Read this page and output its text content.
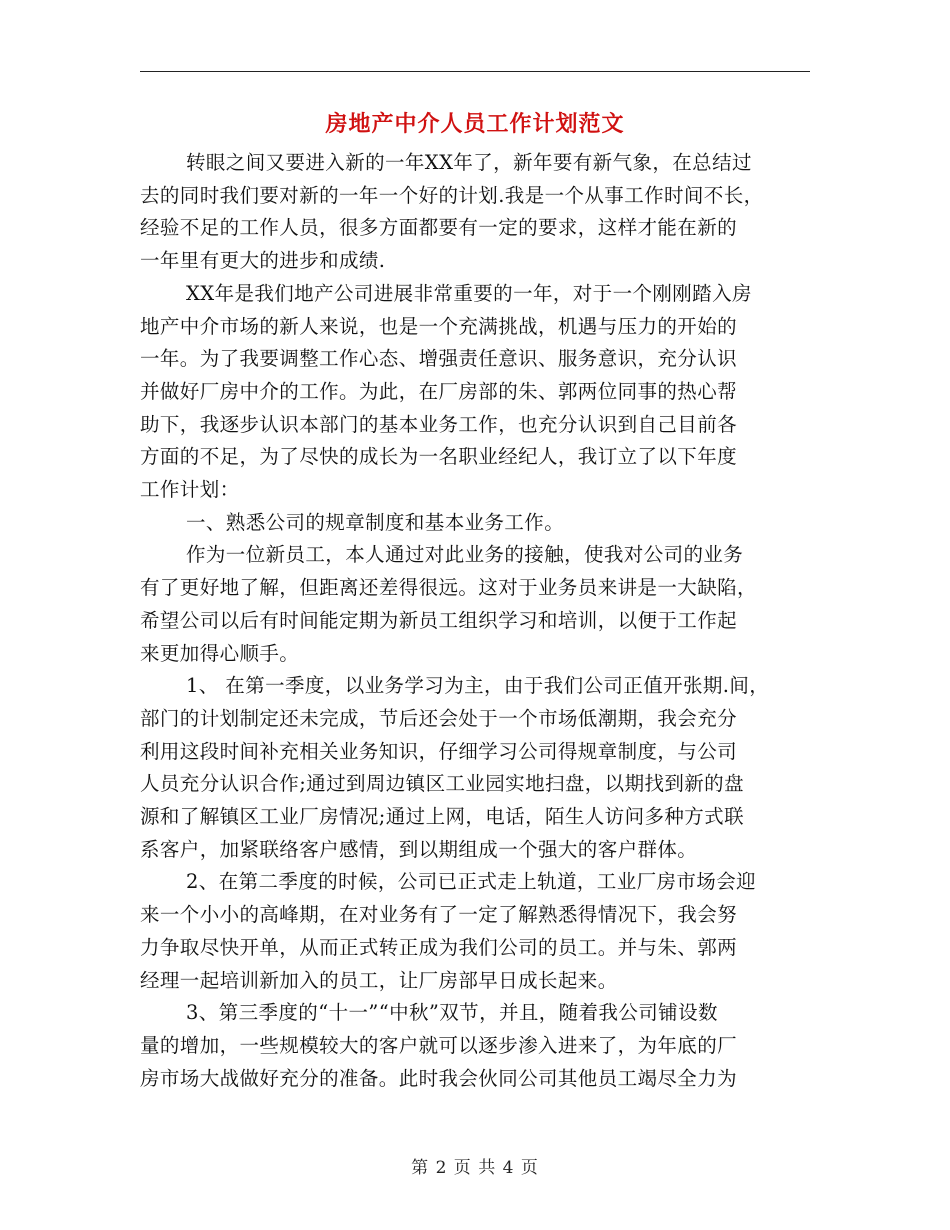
房地产中介人员工作计划范文

转眼之间又要进入新的一年XX年了，新年要有新气象，在总结过
去的同时我们要对新的一年一个好的计划.我是一个从事工作时间不长，
经验不足的工作人员，很多方面都要有一定的要求，这样才能在新的
一年里有更大的进步和成绩.

XX年是我们地产公司进展非常重要的一年，对于一个刚刚踏入房
地产中介市场的新人来说，也是一个充满挑战，机遇与压力的开始的
一年。为了我要调整工作心态、增强责任意识、服务意识，充分认识
并做好厂房中介的工作。为此，在厂房部的朱、郭两位同事的热心帮
助下，我逐步认识本部门的基本业务工作，也充分认识到自己目前各
方面的不足，为了尽快的成长为一名职业经纪人，我订立了以下年度
工作计划：

一、熟悉公司的规章制度和基本业务工作。

作为一位新员工，本人通过对此业务的接触，使我对公司的业务
有了更好地了解，但距离还差得很远。这对于业务员来讲是一大缺陷，
希望公司以后有时间能定期为新员工组织学习和培训，以便于工作起
来更加得心顺手。

1、 在第一季度，以业务学习为主，由于我们公司正值开张期.间，
部门的计划制定还未完成，节后还会处于一个市场低潮期，我会充分
利用这段时间补充相关业务知识，仔细学习公司得规章制度，与公司
人员充分认识合作;通过到周边镇区工业园实地扫盘，以期找到新的盘
源和了解镇区工业厂房情况;通过上网，电话，陌生人访问多种方式联
系客户，加紧联络客户感情，到以期组成一个强大的客户群体。

2、在第二季度的时候，公司已正式走上轨道，工业厂房市场会迎
来一个小小的高峰期，在对业务有了一定了解熟悉得情况下，我会努
力争取尽快开单，从而正式转正成为我们公司的员工。并与朱、郭两
经理一起培训新加入的员工，让厂房部早日成长起来。

3、第三季度的“十一”“中秋”双节，并且，随着我公司铺设数
量的增加，一些规模较大的客户就可以逐步渗入进来了，为年底的厂
房市场大战做好充分的准备。此时我会伙同公司其他员工竭尽全力为

第 2 页 共 4 页
